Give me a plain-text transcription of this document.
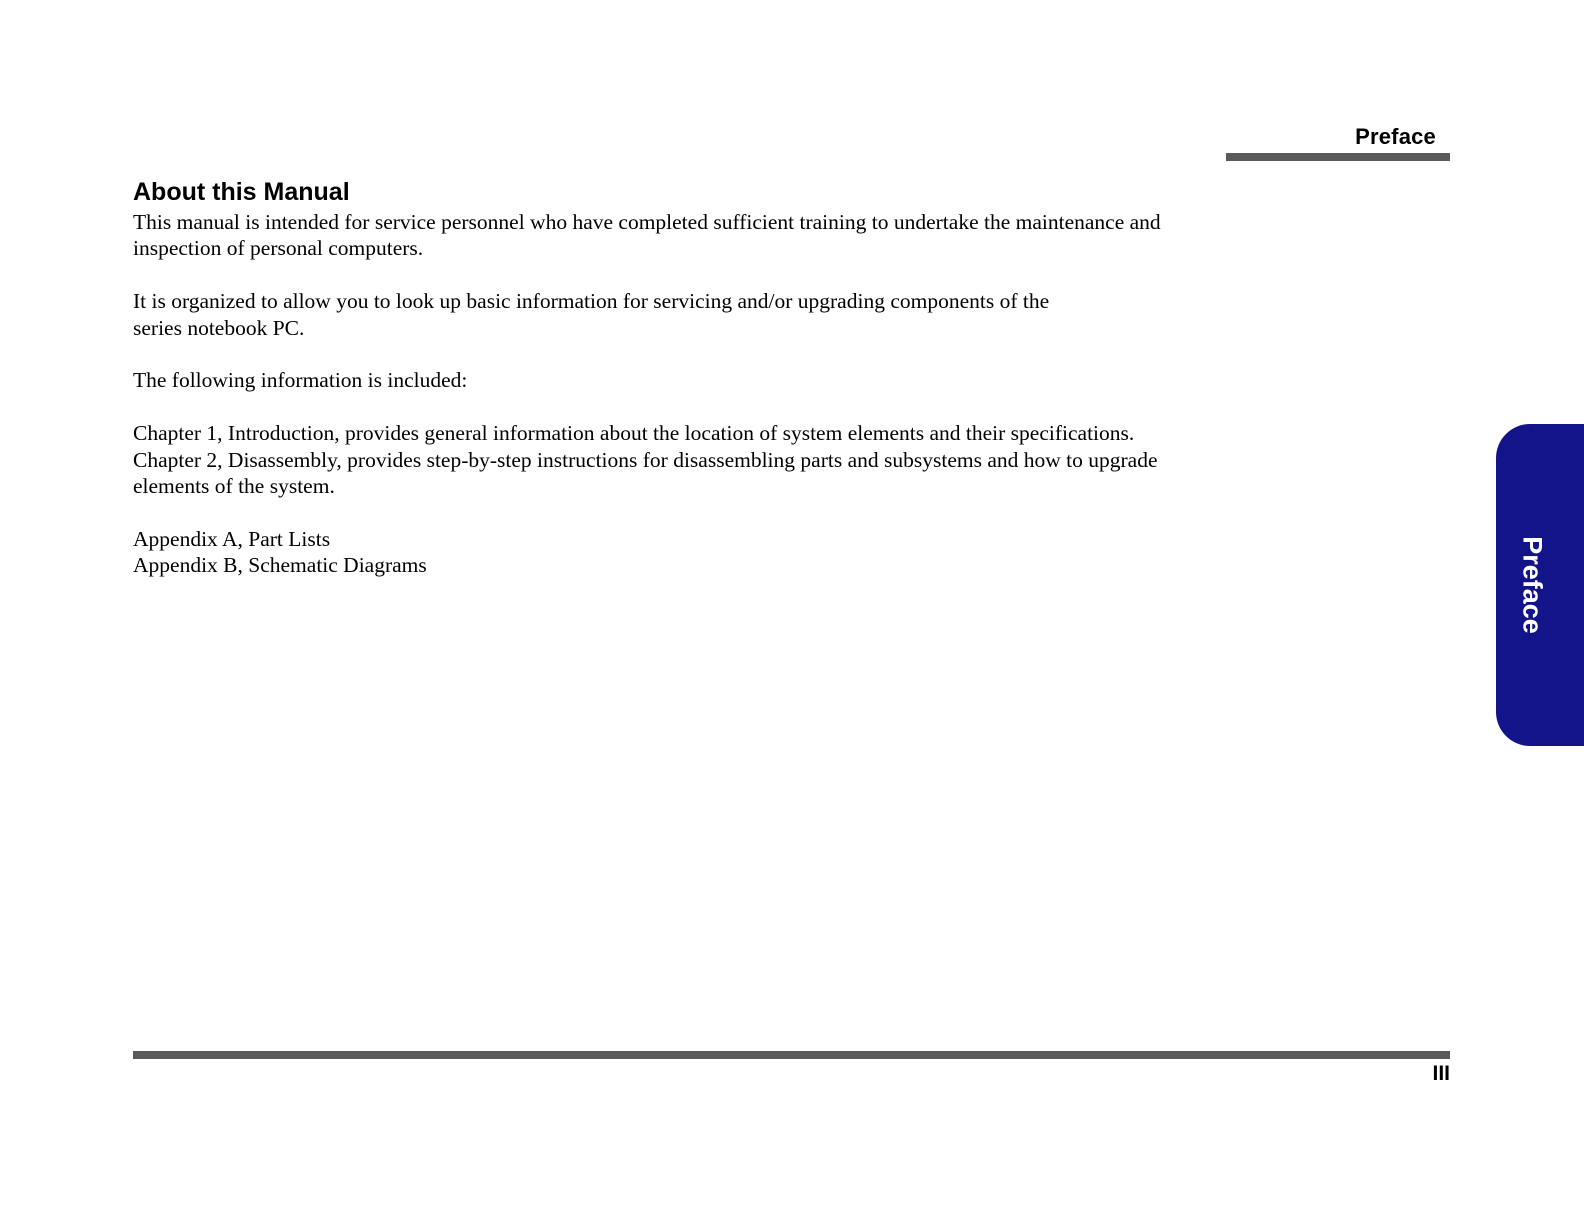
Preface
About this Manual

This manual is intended for service personnel who have completed sufficient training to undertake the maintenance and
inspection of personal computers.

It is organized to allow you to look up basic information for servicing and/or upgrading components of the
series notebook PC.

The following information is included:

Chapter 1, Introduction, provides general information about the location of system elements and their specifications.
Chapter 2, Disassembly, provides step-by-step instructions for disassembling parts and subsystems and how to upgrade
elements of the system.

Appendix A, Part Lists
Appendix B, Schematic Diagrams	Preface
III
